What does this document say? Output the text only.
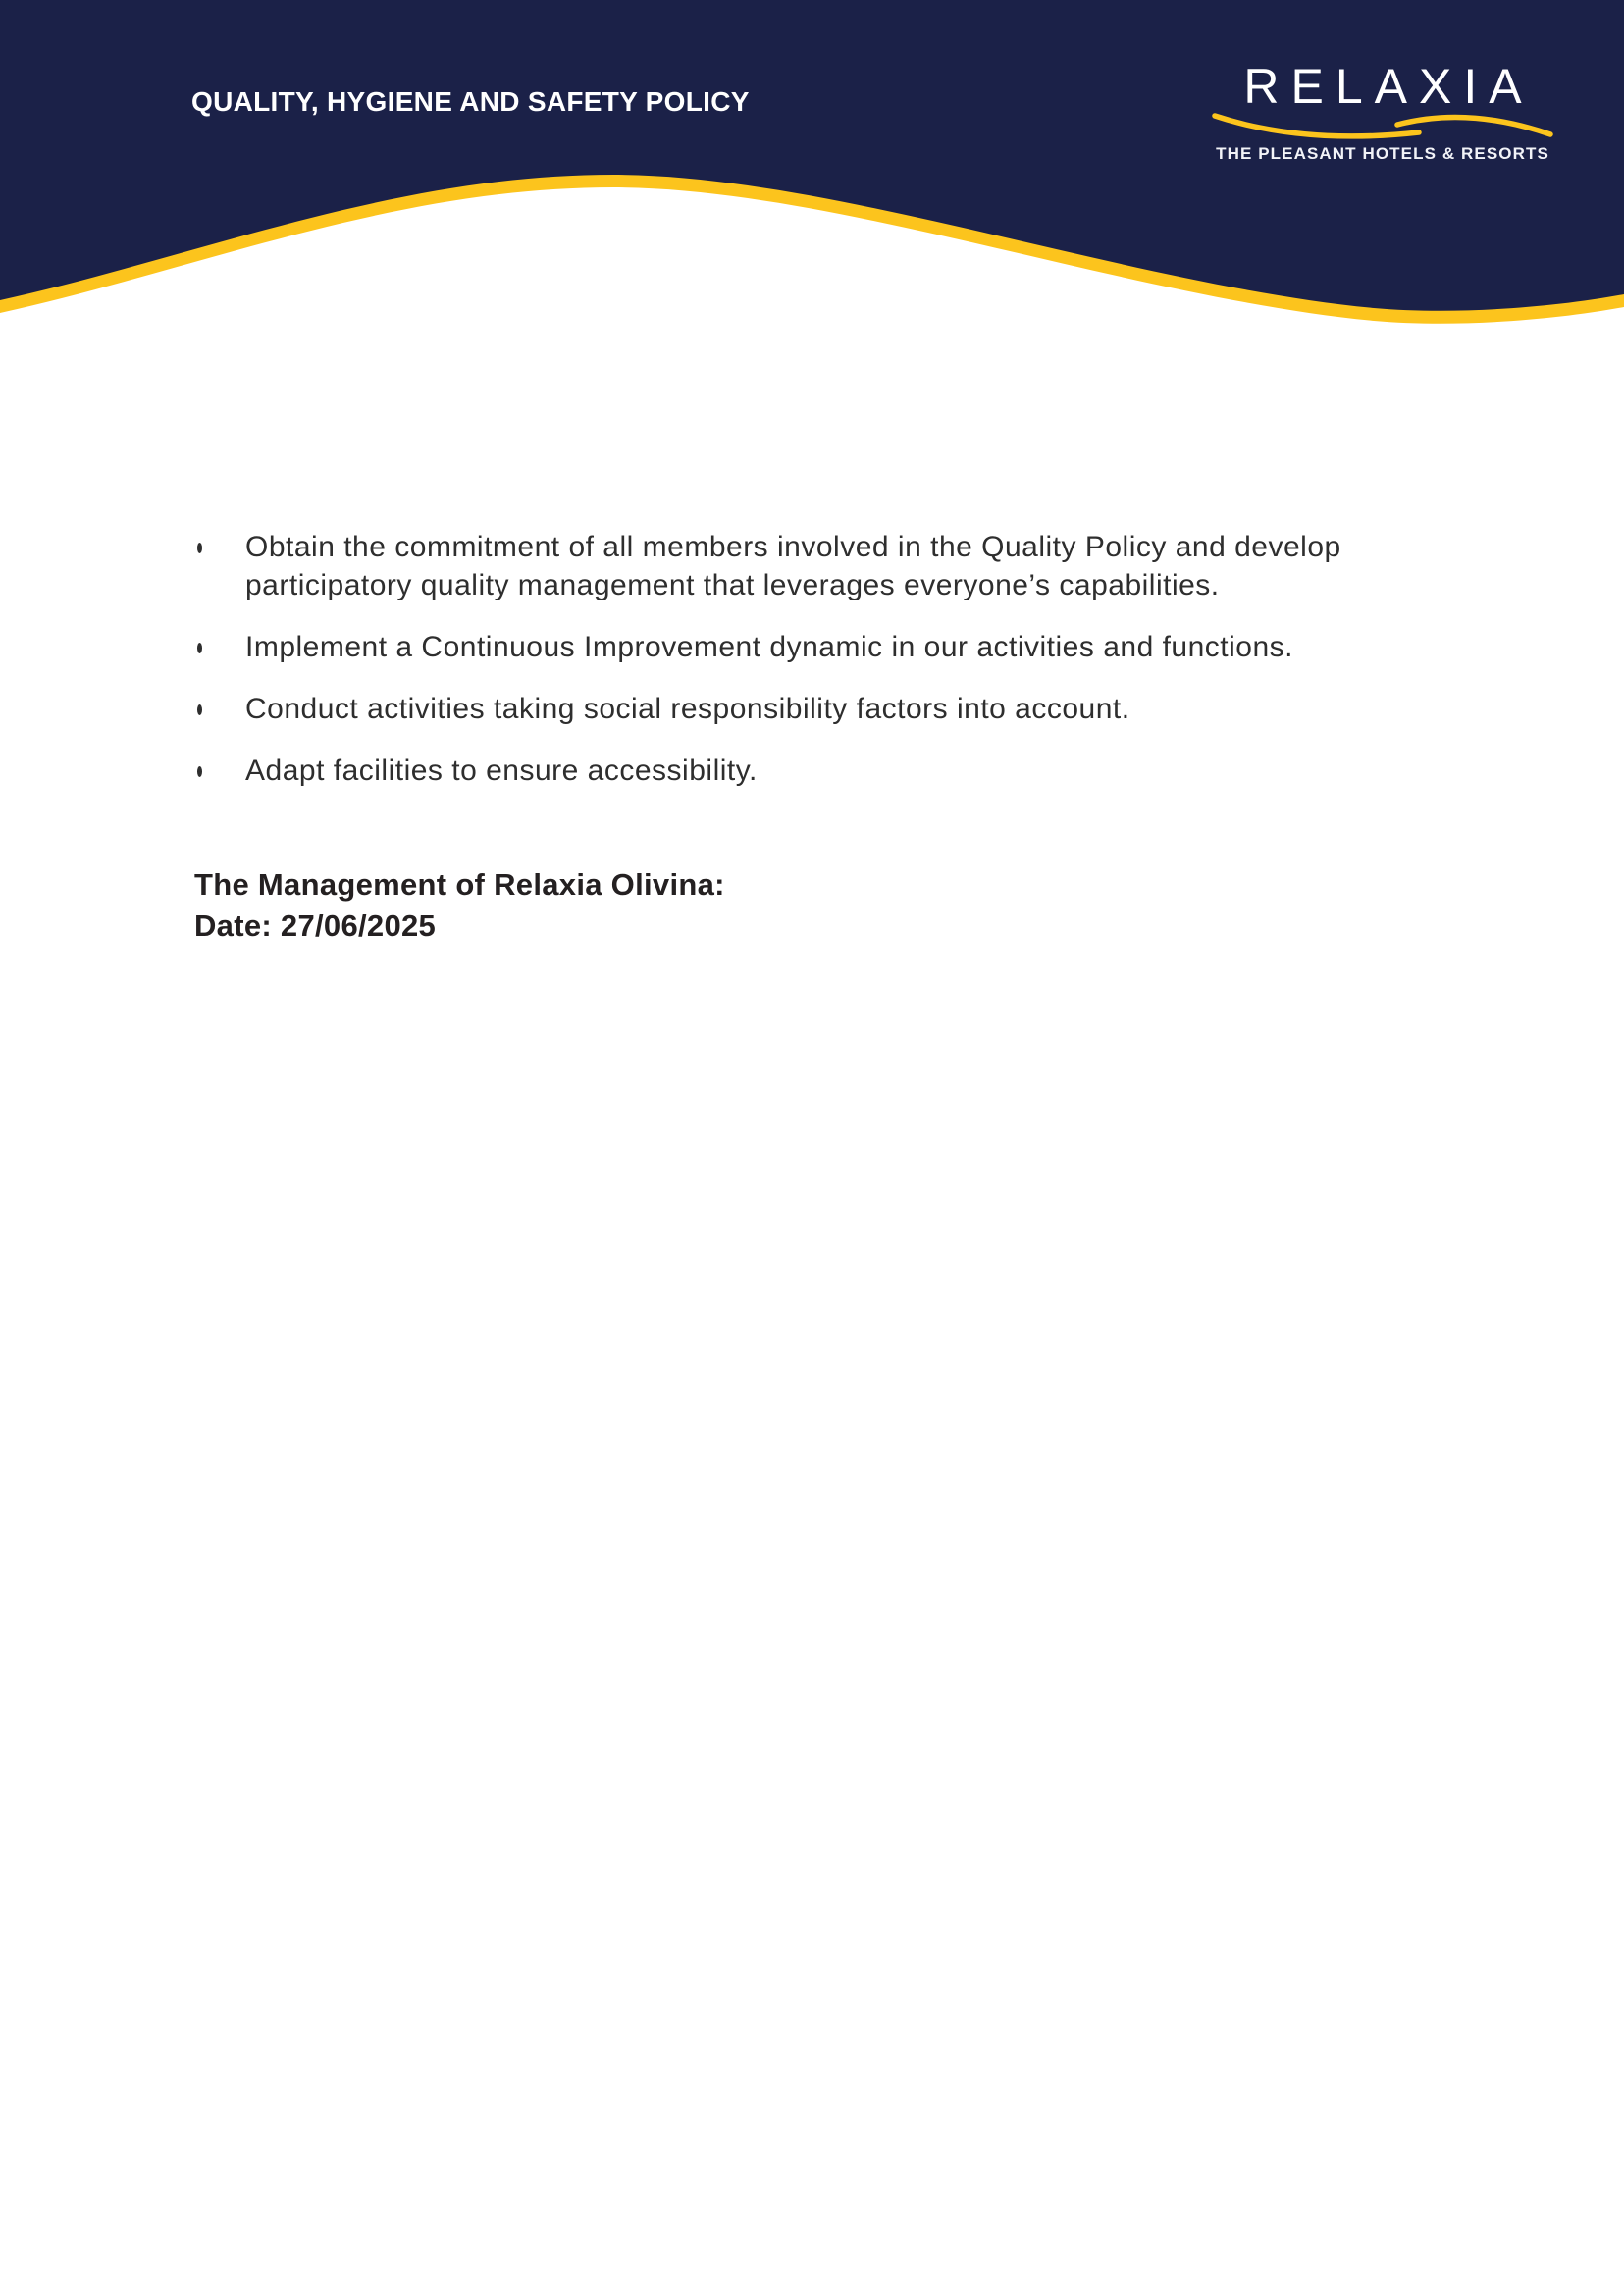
QUALITY, HYGIENE AND SAFETY POLICY	RELAXIA
THE PLEASANT HOTELS & RESORTS
Obtain the commitment of all members involved in the Quality Policy and develop participatory quality management that leverages everyone’s capabilities.
Implement a Continuous Improvement dynamic in our activities and functions.
Conduct activities taking social responsibility factors into account.
Adapt facilities to ensure accessibility.
The Management of Relaxia Olivina:
Date: 27/06/2025
